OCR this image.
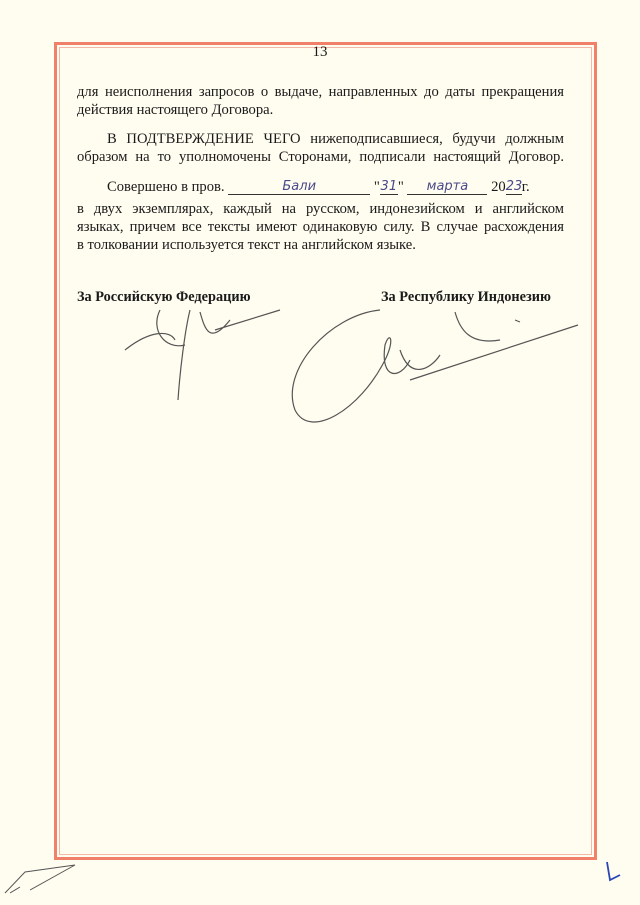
13
для неисполнения запросов о выдаче, направленных до даты прекращения
действия настоящего Договора.
В ПОДТВЕРЖДЕНИЕ ЧЕГО нижеподписавшиеся, будучи должным
образом на то уполномочены Сторонами, подписали настоящий Договор.
Совершено в пров.	Бали	"31" марта 2023г.
в двух экземплярах, каждый на русском, индонезийском и английском
языках, причем все тексты имеют одинаковую силу. В случае расхождения
в толковании используется текст на английском языке.
За Российскую Федерацию	За Республику Индонезию
